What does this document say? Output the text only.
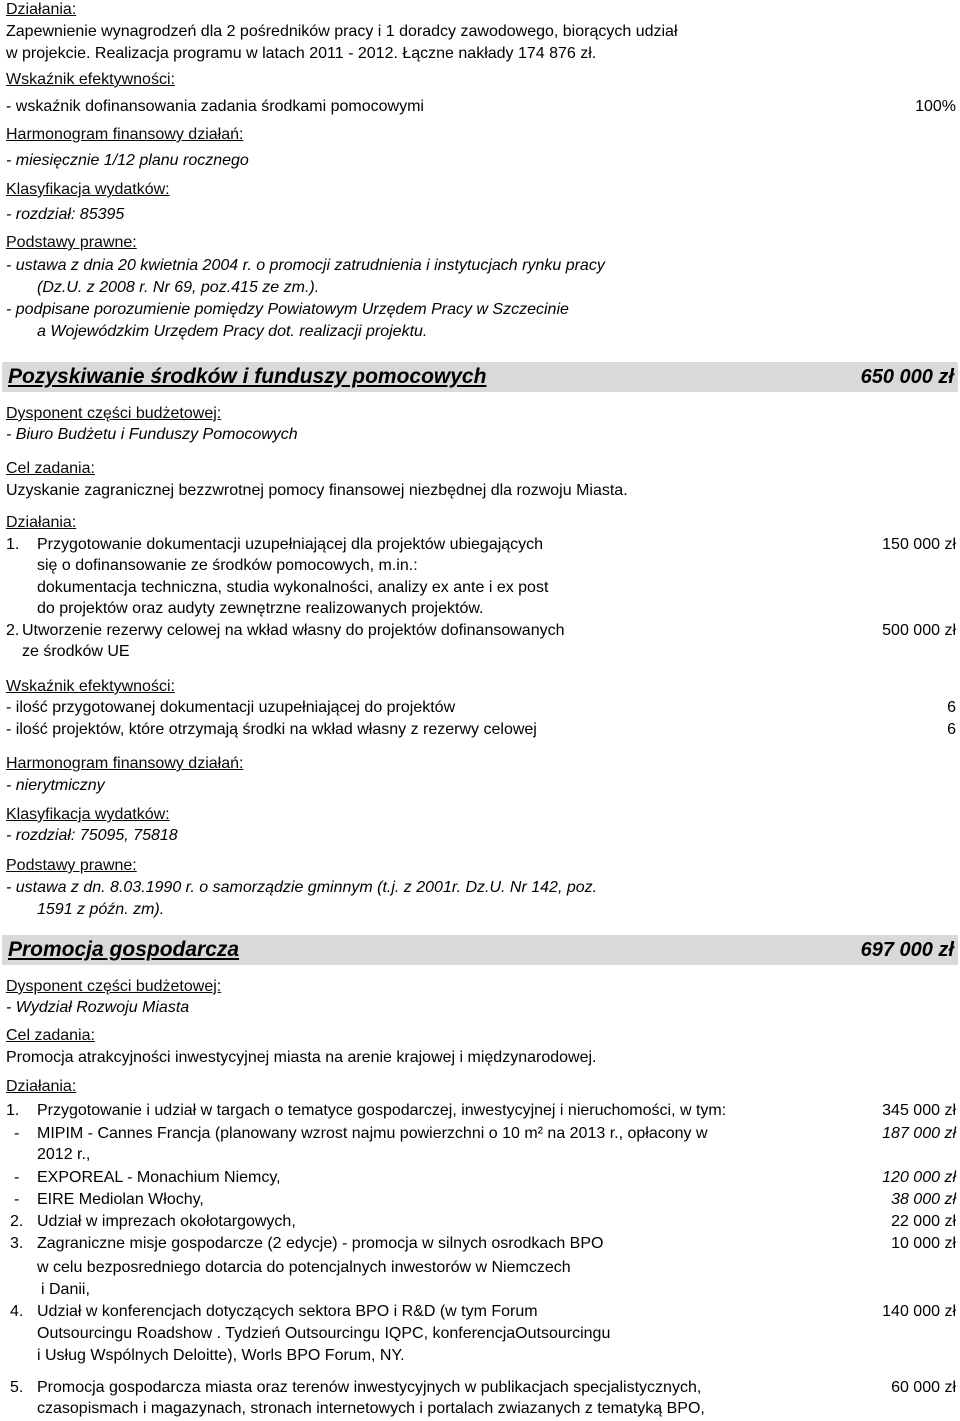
Działania:
Zapewnienie wynagrodzeń dla 2 pośredników pracy i 1 doradcy zawodowego, biorących udział
w projekcie. Realizacja programu w latach 2011 - 2012. Łączne nakłady 174 876 zł.
Wskaźnik efektywności:
- wskaźnik dofinansowania zadania środkami pomocowymi	100%
Harmonogram finansowy działań:
- miesięcznie 1/12 planu rocznego
Klasyfikacja wydatków:
- rozdział: 85395
Podstawy prawne:
- ustawa z dnia 20 kwietnia 2004 r. o promocji zatrudnienia i instytucjach rynku pracy
(Dz.U. z 2008 r. Nr 69, poz.415 ze zm.).
- podpisane porozumienie pomiędzy Powiatowym Urzędem Pracy w Szczecinie
a Wojewódzkim Urzędem Pracy dot. realizacji projektu.
Pozyskiwanie środków i funduszy pomocowych	650 000 zł
Dysponent części budżetowej:
- Biuro Budżetu i Funduszy Pomocowych
Cel zadania:
Uzyskanie zagranicznej bezzwrotnej pomocy finansowej niezbędnej dla rozwoju Miasta.
Działania:
1. Przygotowanie dokumentacji uzupełniającej dla projektów ubiegających	150 000 zł
się o dofinansowanie ze środków pomocowych, m.in.:
dokumentacja techniczna, studia wykonalności, analizy ex ante i ex post
do projektów oraz audyty zewnętrzne realizowanych projektów.
2. Utworzenie rezerwy celowej na wkład własny do projektów dofinansowanych	500 000 zł
ze środków UE
Wskaźnik efektywności:
- ilość przygotowanej dokumentacji uzupełniającej do projektów	6
- ilość projektów, które otrzymają środki na wkład własny z rezerwy celowej	6
Harmonogram finansowy działań:
- nierytmiczny
Klasyfikacja wydatków:
- rozdział: 75095, 75818
Podstawy prawne:
- ustawa z dn. 8.03.1990 r. o samorządzie gminnym (t.j. z 2001r. Dz.U. Nr 142, poz.
1591 z późn. zm).
Promocja gospodarcza	697 000 zł
Dysponent części budżetowej:
- Wydział Rozwoju Miasta
Cel zadania:
Promocja atrakcyjności inwestycyjnej miasta na arenie krajowej i międzynarodowej.
Działania:
1. Przygotowanie i udział w targach o tematyce gospodarczej, inwestycyjnej i nieruchomości, w tym:	345 000 zł
- MIPIM - Cannes Francja (planowany wzrost najmu powierzchni o 10 m² na 2013 r., opłacony w	187 000 zł
2012 r.,
- EXPOREAL - Monachium Niemcy,	120 000 zł
- EIRE Mediolan Włochy,	38 000 zł
2. Udział w imprezach okołotargowych,	22 000 zł
3. Zagraniczne misje gospodarcze (2 edycje) - promocja w silnych osrodkach BPO	10 000 zł
w celu bezposredniego dotarcia do potencjalnych inwestorów w Niemczech
i Danii,
4. Udział w konferencjach dotyczących sektora BPO i R&D (w tym Forum	140 000 zł
Outsourcingu Roadshow . Tydzień Outsourcingu IQPC, konferencjaOutsourcingu
i Usług Wspólnych Deloitte), Worls BPO Forum, NY.
5. Promocja gospodarcza miasta oraz terenów inwestycyjnych w publikacjach specjalistycznych,	60 000 zł
czasopismach i magazynach, stronach internetowych i portalach zwiazanych z tematyką BPO,
